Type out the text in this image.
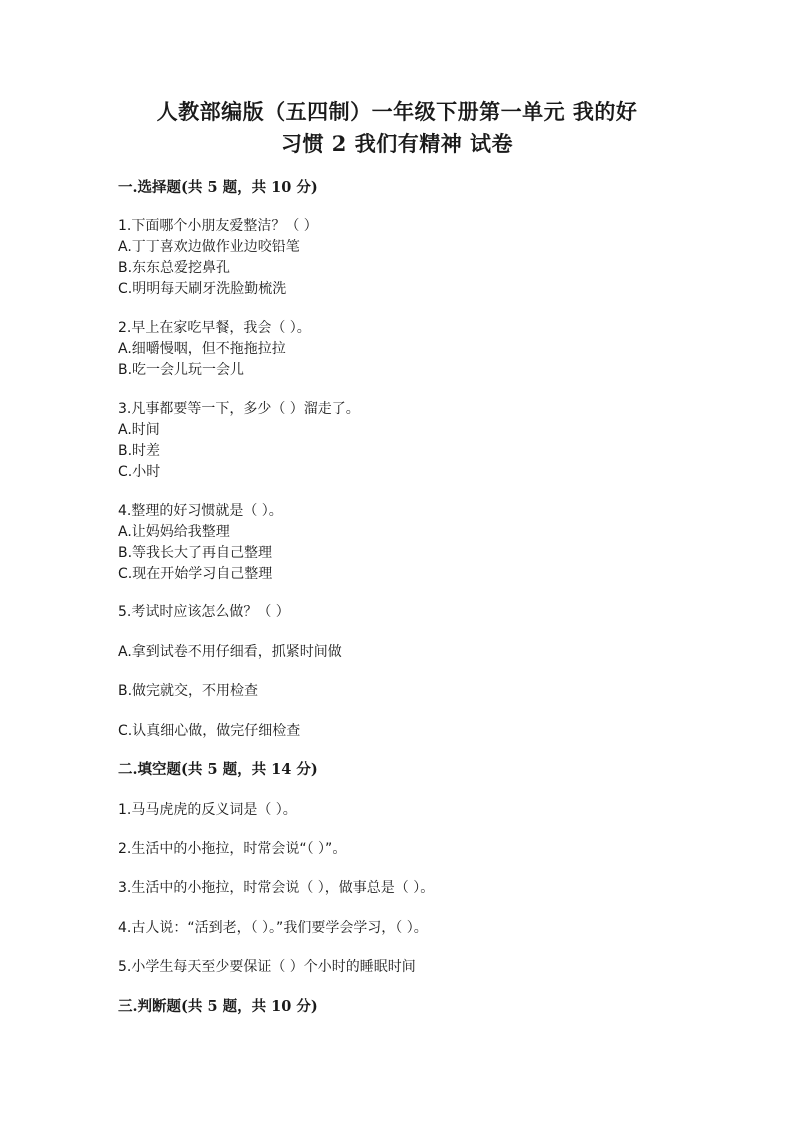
人教部编版（五四制）一年级下册第一单元 我的好
习惯 2 我们有精神 试卷
一.选择题(共 5 题，共 10 分)
1.下面哪个小朋友爱整洁？（ ）
A.丁丁喜欢边做作业边咬铅笔
B.东东总爱挖鼻孔
C.明明每天刷牙洗脸勤梳洗
2.早上在家吃早餐，我会（ ）。
A.细嚼慢咽，但不拖拖拉拉
B.吃一会儿玩一会儿
3.凡事都要等一下，多少（ ）溜走了。
A.时间
B.时差
C.小时
4.整理的好习惯就是（ ）。
A.让妈妈给我整理
B.等我长大了再自己整理
C.现在开始学习自己整理
5.考试时应该怎么做？（ ）
A.拿到试卷不用仔细看，抓紧时间做
B.做完就交，不用检查
C.认真细心做，做完仔细检查
二.填空题(共 5 题，共 14 分)
1.马马虎虎的反义词是（ ）。
2.生活中的小拖拉，时常会说“（ ）”。
3.生活中的小拖拉，时常会说（ ），做事总是（ ）。
4.古人说：“活到老，（ ）。”我们要学会学习，（ ）。
5.小学生每天至少要保证（ ）个小时的睡眠时间
三.判断题(共 5 题，共 10 分)
